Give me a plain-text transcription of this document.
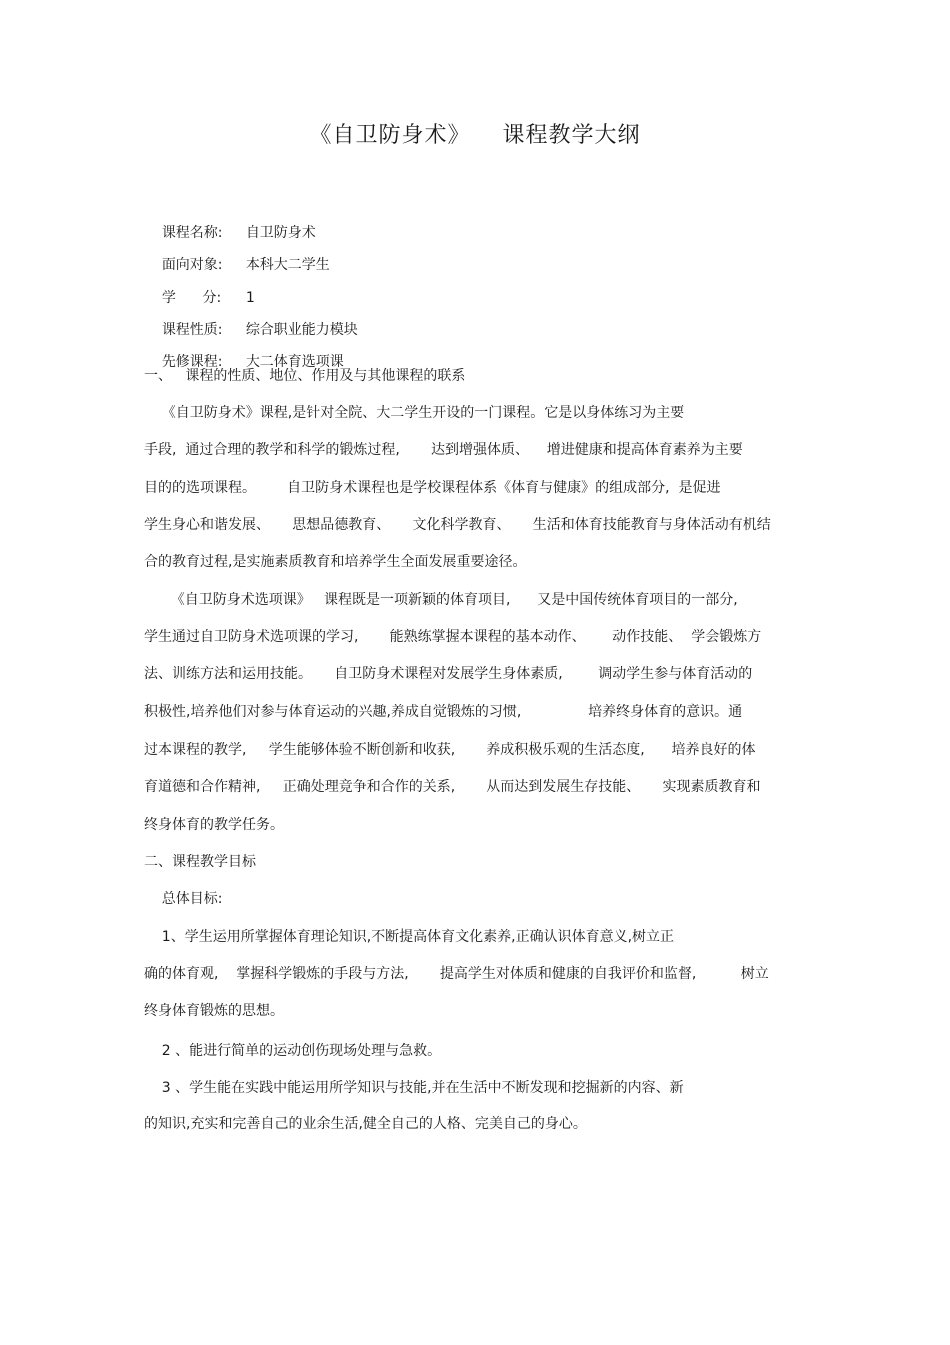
《自卫防身术》    课程教学大纲

课程名称: 自卫防身术

面向对象: 本科大二学生

学      分: 1

课程性质: 综合职业能力模块

先修课程: 大二体育选项课

一、   课程的性质、地位、作用及与其他课程的联系
《自卫防身术》课程,是针对全院、大二学生开设的一门课程。它是以身体练习为主要
手段,  通过合理的教学和科学的锻炼过程,       达到增强体质、    增进健康和提高体育素养为主要
目的的选项课程。       自卫防身术课程也是学校课程体系《体育与健康》的组成部分,  是促进
学生身心和谐发展、     思想品德教育、     文化科学教育、     生活和体育技能教育与身体活动有机结
合的教育过程,是实施素质教育和培养学生全面发展重要途径。
《自卫防身术选项课》   课程既是一项新颖的体育项目,      又是中国传统体育项目的一部分,
学生通过自卫防身术选项课的学习,       能熟练掌握本课程的基本动作、      动作技能、  学会锻炼方
法、训练方法和运用技能。     自卫防身术课程对发展学生身体素质,        调动学生参与体育活动的
积极性,培养他们对参与体育运动的兴趣,养成自觉锻炼的习惯,               培养终身体育的意识。通
过本课程的教学,     学生能够体验不断创新和收获,       养成积极乐观的生活态度,      培养良好的体
育道德和合作精神,     正确处理竞争和合作的关系,       从而达到发展生存技能、     实现素质教育和
终身体育的教学任务。
二、课程教学目标
总体目标:
1、学生运用所掌握体育理论知识,不断提高体育文化素养,正确认识体育意义,树立正
确的体育观,    掌握科学锻炼的手段与方法,       提高学生对体质和健康的自我评价和监督,          树立
终身体育锻炼的思想。
2 、能进行简单的运动创伤现场处理与急救。
3 、学生能在实践中能运用所学知识与技能,并在生活中不断发现和挖掘新的内容、新
的知识,充实和完善自己的业余生活,健全自己的人格、完美自己的身心。
